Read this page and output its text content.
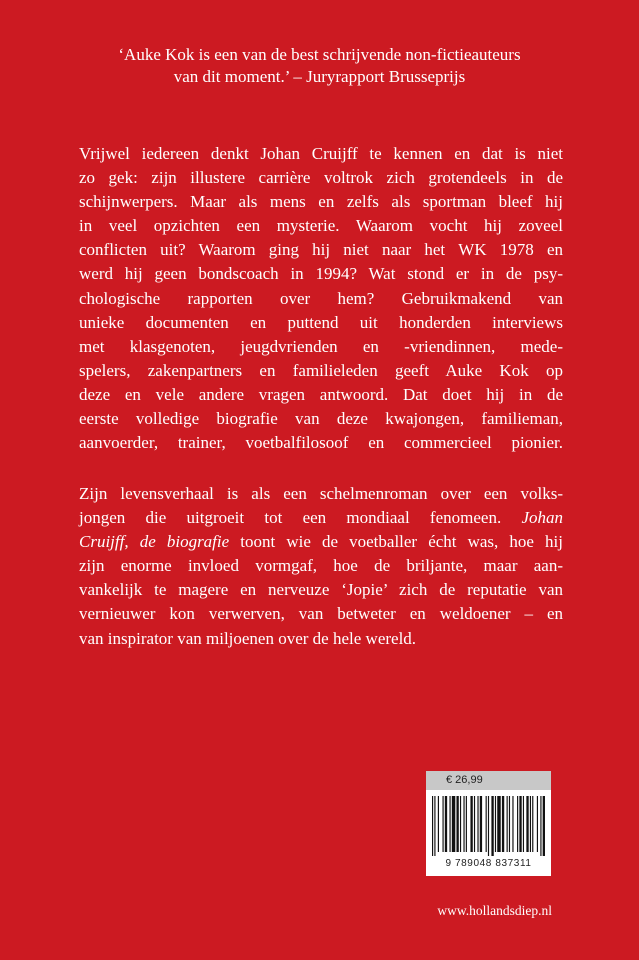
‘Auke Kok is een van de best schrijvende non-fictieauteurs
van dit moment.’ – Juryrapport Brusseprijs
Vrijwel iedereen denkt Johan Cruijff te kennen en dat is niet
zo gek: zijn illustere carrière voltrok zich grotendeels in de
schijnwerpers. Maar als mens en zelfs als sportman bleef hij
in veel opzichten een mysterie. Waarom vocht hij zoveel
conflicten uit? Waarom ging hij niet naar het WK 1978 en
werd hij geen bondscoach in 1994? Wat stond er in de psy-
chologische rapporten over hem? Gebruikmakend van
unieke documenten en puttend uit honderden interviews
met klasgenoten, jeugdvrienden en -vriendinnen, mede-
spelers, zakenpartners en familieleden geeft Auke Kok op
deze en vele andere vragen antwoord. Dat doet hij in de
eerste volledige biografie van deze kwajongen, familieman,
aanvoerder, trainer, voetbalfilosoof en commercieel pionier.
Zijn levensverhaal is als een schelmenroman over een volks-
jongen die uitgroeit tot een mondiaal fenomeen. Johan
Cruijff, de biografie toont wie de voetballer écht was, hoe hij
zijn enorme invloed vormgaf, hoe de briljante, maar aan-
vankelijk te magere en nerveuze ‘Jopie’ zich de reputatie van
vernieuwer kon verwerven, van betweter en weldoener – en
van inspirator van miljoenen over de hele wereld.
€ 26,99
9 789048 837311
www.hollandsdiep.nl
